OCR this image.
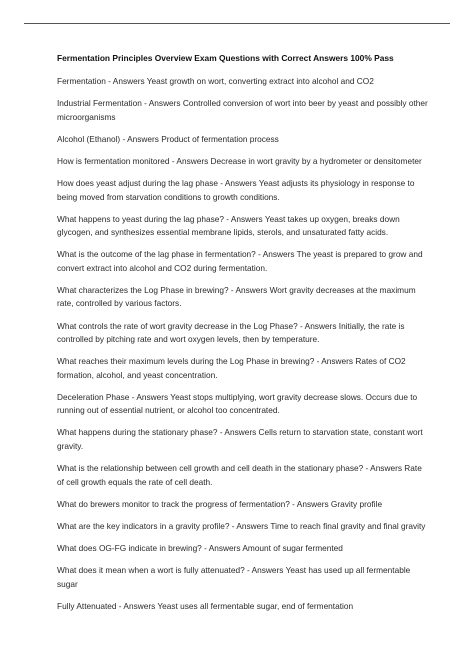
Fermentation Principles Overview Exam Questions with Correct Answers 100% Pass
Fermentation - Answers Yeast growth on wort, converting extract into alcohol and CO2
Industrial Fermentation - Answers Controlled conversion of wort into beer by yeast and possibly other microorganisms
Alcohol (Ethanol) - Answers Product of fermentation process
How is fermentation monitored - Answers Decrease in wort gravity by a hydrometer or densitometer
How does yeast adjust during the lag phase - Answers Yeast adjusts its physiology in response to being moved from starvation conditions to growth conditions.
What happens to yeast during the lag phase? - Answers Yeast takes up oxygen, breaks down glycogen, and synthesizes essential membrane lipids, sterols, and unsaturated fatty acids.
What is the outcome of the lag phase in fermentation? - Answers The yeast is prepared to grow and convert extract into alcohol and CO2 during fermentation.
What characterizes the Log Phase in brewing? - Answers Wort gravity decreases at the maximum rate, controlled by various factors.
What controls the rate of wort gravity decrease in the Log Phase? - Answers Initially, the rate is controlled by pitching rate and wort oxygen levels, then by temperature.
What reaches their maximum levels during the Log Phase in brewing? - Answers Rates of CO2 formation, alcohol, and yeast concentration.
Deceleration Phase - Answers Yeast stops multiplying, wort gravity decrease slows. Occurs due to running out of essential nutrient, or alcohol too concentrated.
What happens during the stationary phase? - Answers Cells return to starvation state, constant wort gravity.
What is the relationship between cell growth and cell death in the stationary phase? - Answers Rate of cell growth equals the rate of cell death.
What do brewers monitor to track the progress of fermentation? - Answers Gravity profile
What are the key indicators in a gravity profile? - Answers Time to reach final gravity and final gravity
What does OG-FG indicate in brewing? - Answers Amount of sugar fermented
What does it mean when a wort is fully attenuated? - Answers Yeast has used up all fermentable sugar
Fully Attenuated - Answers Yeast uses all fermentable sugar, end of fermentation
